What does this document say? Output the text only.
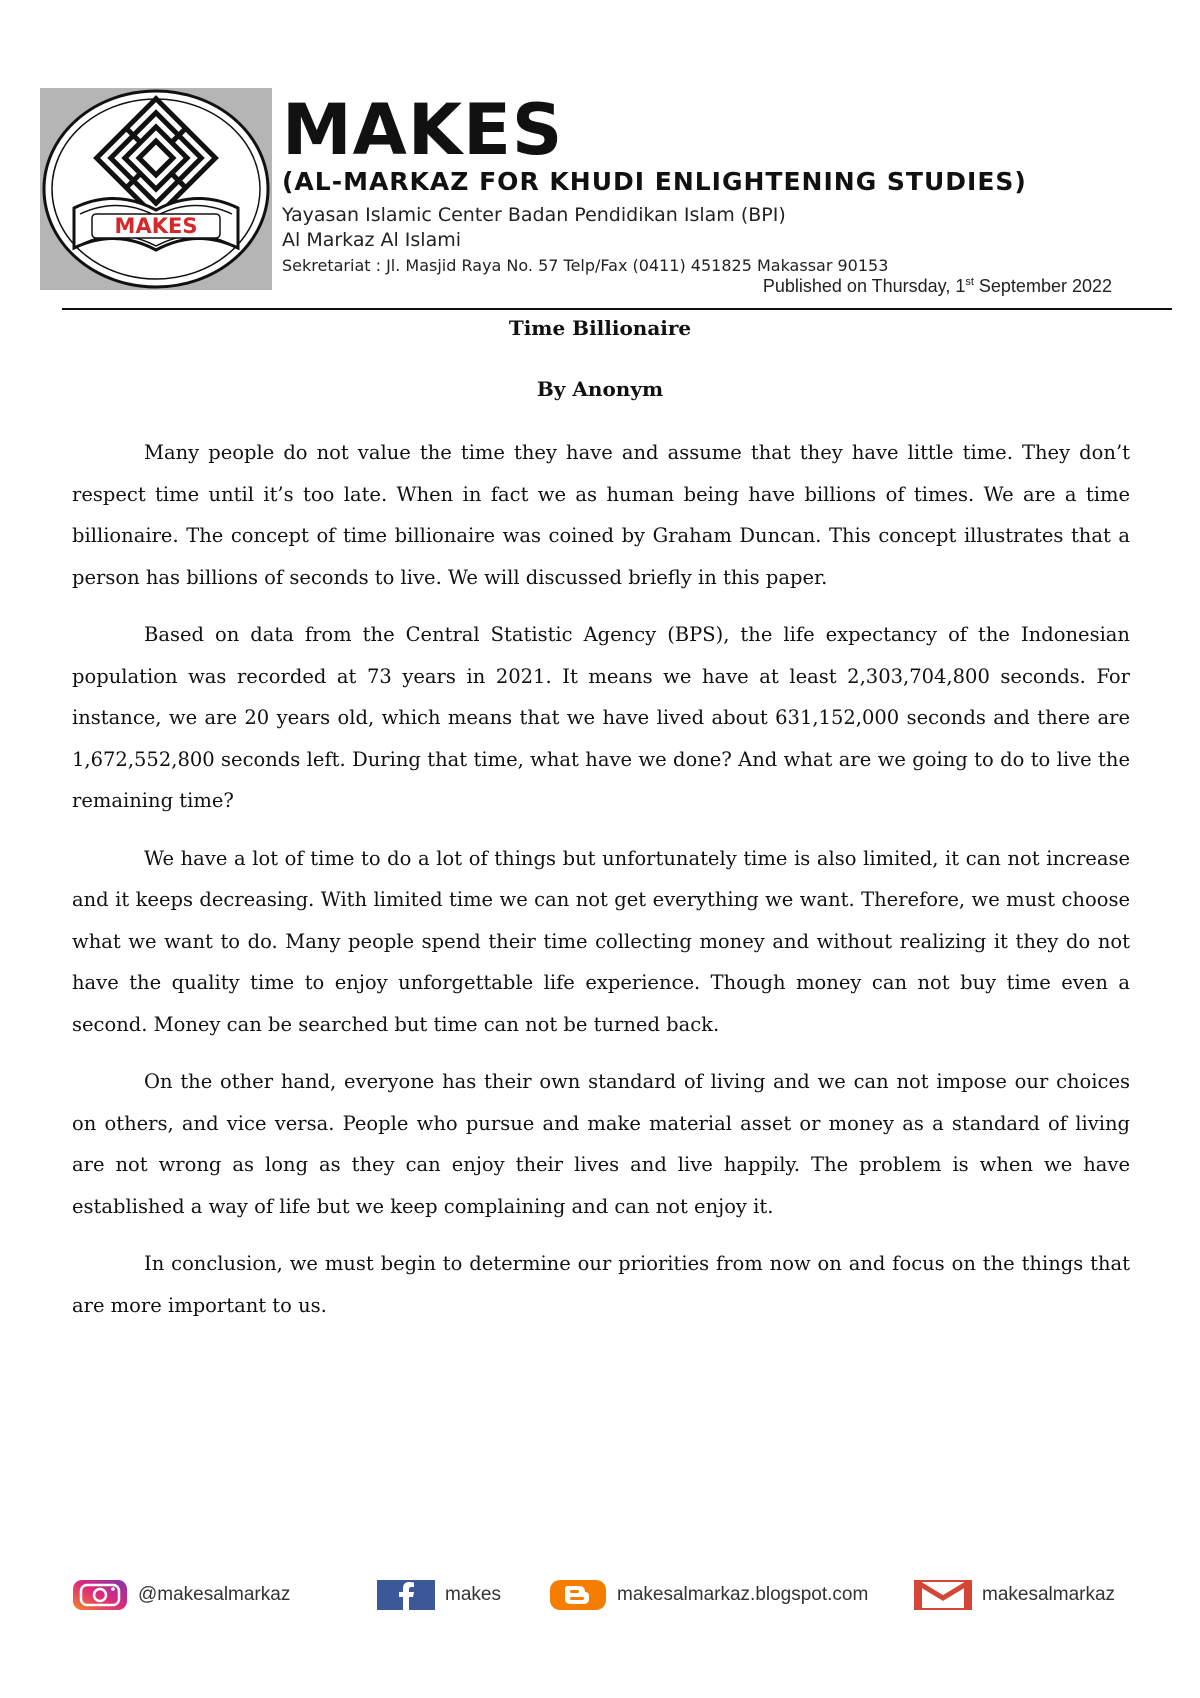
MAKES
MAKES
(AL-MARKAZ FOR KHUDI ENLIGHTENING STUDIES)
Yayasan Islamic Center Badan Pendidikan Islam (BPI)
Al Markaz Al Islami
Sekretariat : Jl. Masjid Raya No. 57 Telp/Fax (0411) 451825 Makassar 90153
Published on Thursday, 1st September 2022
Time Billionaire
By Anonym

Many people do not value the time they have and assume that they have little time. They don’t respect time until it’s too late. When in fact we as human being have billions of times. We are a time billionaire. The concept of time billionaire was coined by Graham Duncan. This concept illustrates that a person has billions of seconds to live. We will discussed briefly in this paper.

Based on data from the Central Statistic Agency (BPS), the life expectancy of the Indonesian population was recorded at 73 years in 2021. It means we have at least 2,303,704,800 seconds. For instance, we are 20 years old, which means that we have lived about 631,152,000 seconds and there are 1,672,552,800 seconds left. During that time, what have we done? And what are we going to do to live the remaining time?

We have a lot of time to do a lot of things but unfortunately time is also limited, it can not increase and it keeps decreasing. With limited time we can not get everything we want. Therefore, we must choose what we want to do. Many people spend their time collecting money and without realizing it they do not have the quality time to enjoy unforgettable life experience. Though money can not buy time even a second. Money can be searched but time can not be turned back.

On the other hand, everyone has their own standard of living and we can not impose our choices on others, and vice versa. People who pursue and make material asset or money as a standard of living are not wrong as long as they can enjoy their lives and live happily. The problem is when we have established a way of life but we keep complaining and can not enjoy it.

In conclusion, we must begin to determine our priorities from now on and focus on the things that are more important to us.

@makesalmarkaz	makes	makesalmarkaz.blogspot.com	makesalmarkaz
